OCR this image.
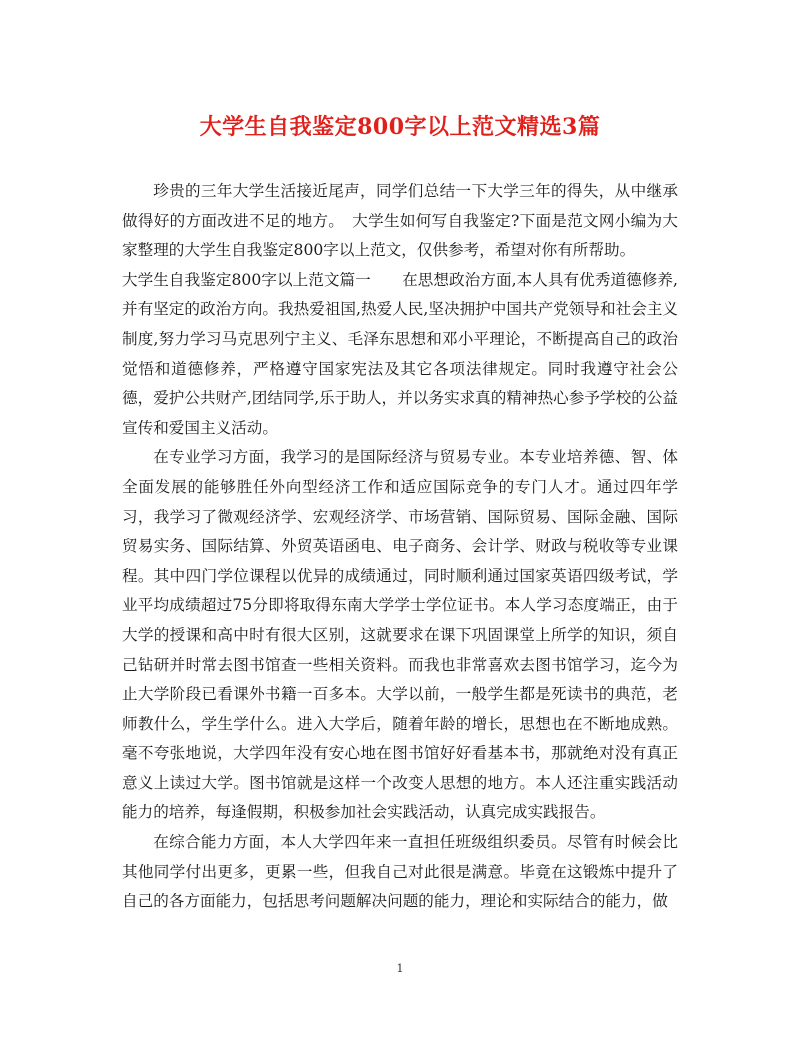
大学生自我鉴定800字以上范文精选3篇

珍贵的三年大学生活接近尾声，同学们总结一下大学三年的得失，从中继承做得好的方面改进不足的地方。　大学生如何写自我鉴定?下面是范文网小编为大家整理的大学生自我鉴定800字以上范文，仅供参考，希望对你有所帮助。

大学生自我鉴定800字以上范文篇一　　在思想政治方面,本人具有优秀道德修养,并有坚定的政治方向。我热爱祖国,热爱人民,坚决拥护中国共产党领导和社会主义制度,努力学习马克思列宁主义、毛泽东思想和邓小平理论，不断提高自己的政治觉悟和道德修养，严格遵守国家宪法及其它各项法律规定。同时我遵守社会公德，爱护公共财产,团结同学,乐于助人，并以务实求真的精神热心参予学校的公益宣传和爱国主义活动。

在专业学习方面，我学习的是国际经济与贸易专业。本专业培养德、智、体全面发展的能够胜任外向型经济工作和适应国际竞争的专门人才。通过四年学习，我学习了微观经济学、宏观经济学、市场营销、国际贸易、国际金融、国际贸易实务、国际结算、外贸英语函电、电子商务、会计学、财政与税收等专业课程。其中四门学位课程以优异的成绩通过，同时顺利通过国家英语四级考试，学业平均成绩超过75分即将取得东南大学学士学位证书。本人学习态度端正，由于大学的授课和高中时有很大区别，这就要求在课下巩固课堂上所学的知识，须自己钻研并时常去图书馆查一些相关资料。而我也非常喜欢去图书馆学习，迄今为止大学阶段已看课外书籍一百多本。大学以前，一般学生都是死读书的典范，老师教什么，学生学什么。进入大学后，随着年龄的增长，思想也在不断地成熟。毫不夸张地说，大学四年没有安心地在图书馆好好看基本书，那就绝对没有真正意义上读过大学。图书馆就是这样一个改变人思想的地方。本人还注重实践活动能力的培养，每逢假期，积极参加社会实践活动，认真完成实践报告。

在综合能力方面，本人大学四年来一直担任班级组织委员。尽管有时候会比其他同学付出更多，更累一些，但我自己对此很是满意。毕竟在这锻炼中提升了自己的各方面能力，包括思考问题解决问题的能力，理论和实际结合的能力，做

1
